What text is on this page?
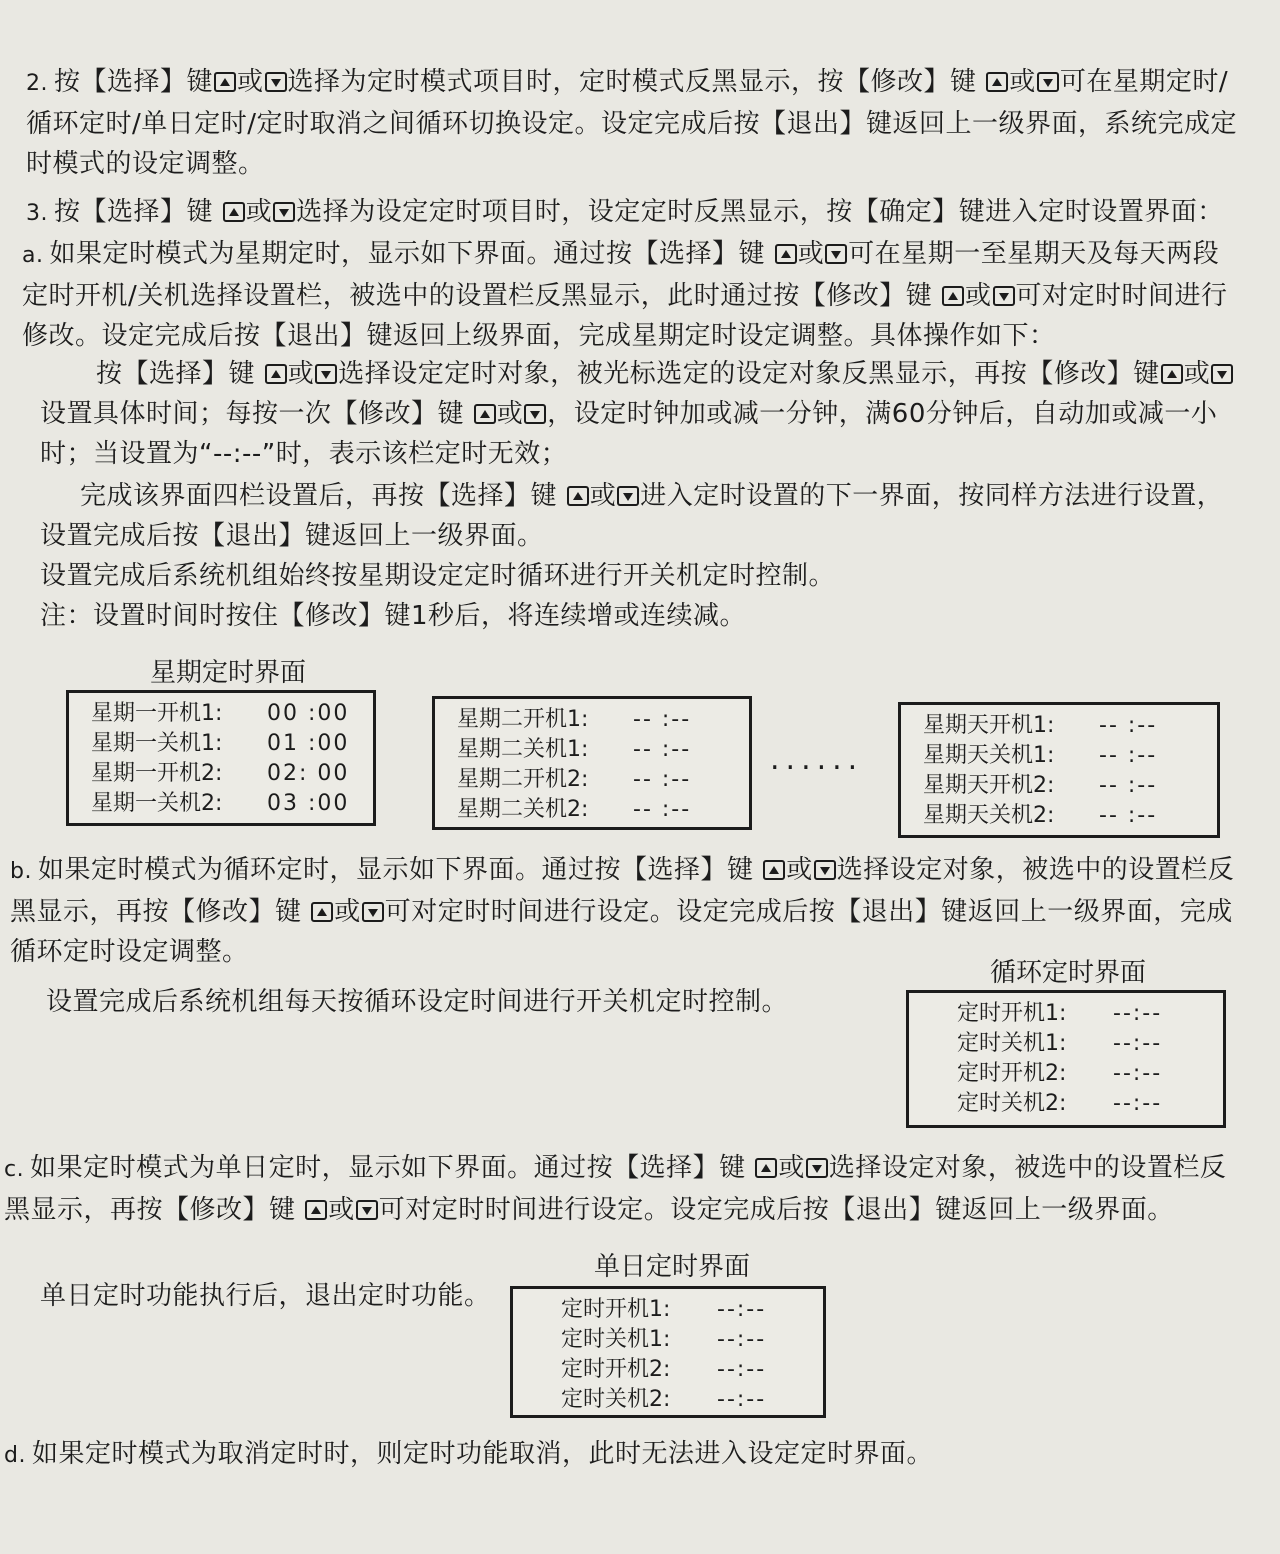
2. 按【选择】键 或 选择为定时模式项目时，定时模式反黑显示，按【修改】键 或 可在星期定时/循环定时/单日定时/定时取消之间循环切换设定。设定完成后按【退出】键返回上一级界面，系统完成定时模式的设定调整。
3. 按【选择】键 或 选择为设定定时项目时，设定定时反黑显示，按【确定】键进入定时设置界面：
a. 如果定时模式为星期定时，显示如下界面。通过按【选择】键 或 可在星期一至星期天及每天两段定时开机/关机选择设置栏，被选中的设置栏反黑显示，此时通过按【修改】键 或 可对定时时间进行修改。设定完成后按【退出】键返回上级界面，完成星期定时设定调整。具体操作如下：
按【选择】键 或 选择设定定时对象，被光标选定的设定对象反黑显示，再按【修改】键 或设置具体时间；每按一次【修改】键 或 ，设定时钟加或减一分钟，满60分钟后，自动加或减一小时；当设置为“--:--”时，表示该栏定时无效；
完成该界面四栏设置后，再按【选择】键 或 进入定时设置的下一界面，按同样方法进行设置，设置完成后按【退出】键返回上一级界面。
设置完成后系统机组始终按星期设定定时循环进行开关机定时控制。
注：设置时间时按住【修改】键1秒后，将连续增或连续减。
星期定时界面
星期一开机1:	00 :00
星期一关机1:	01 :00
星期一开机2:	02: 00
星期一关机2:	03 :00
星期二开机1:	-- :--
星期二关机1:	-- :--
星期二开机2:	-- :--
星期二关机2:	-- :--
......
星期天开机1:	-- :--
星期天关机1:	-- :--
星期天开机2:	-- :--
星期天关机2:	-- :--
b. 如果定时模式为循环定时，显示如下界面。通过按【选择】键 或 选择设定对象，被选中的设置栏反黑显示，再按【修改】键 或 可对定时时间进行设定。设定完成后按【退出】键返回上一级界面，完成循环定时设定调整。
循环定时界面
设置完成后系统机组每天按循环设定时间进行开关机定时控制。	定时开机1:	--:--
定时关机1:	--:--
定时开机2:	--:--
定时关机2:	--:--
c. 如果定时模式为单日定时，显示如下界面。通过按【选择】键 或 选择设定对象，被选中的设置栏反黑显示，再按【修改】键 或 可对定时时间进行设定。设定完成后按【退出】键返回上一级界面。
单日定时界面
单日定时功能执行后，退出定时功能。	定时开机1:	--:--
定时关机1:	--:--
定时开机2:	--:--
定时关机2:	--:--
d. 如果定时模式为取消定时时，则定时功能取消，此时无法进入设定定时界面。
